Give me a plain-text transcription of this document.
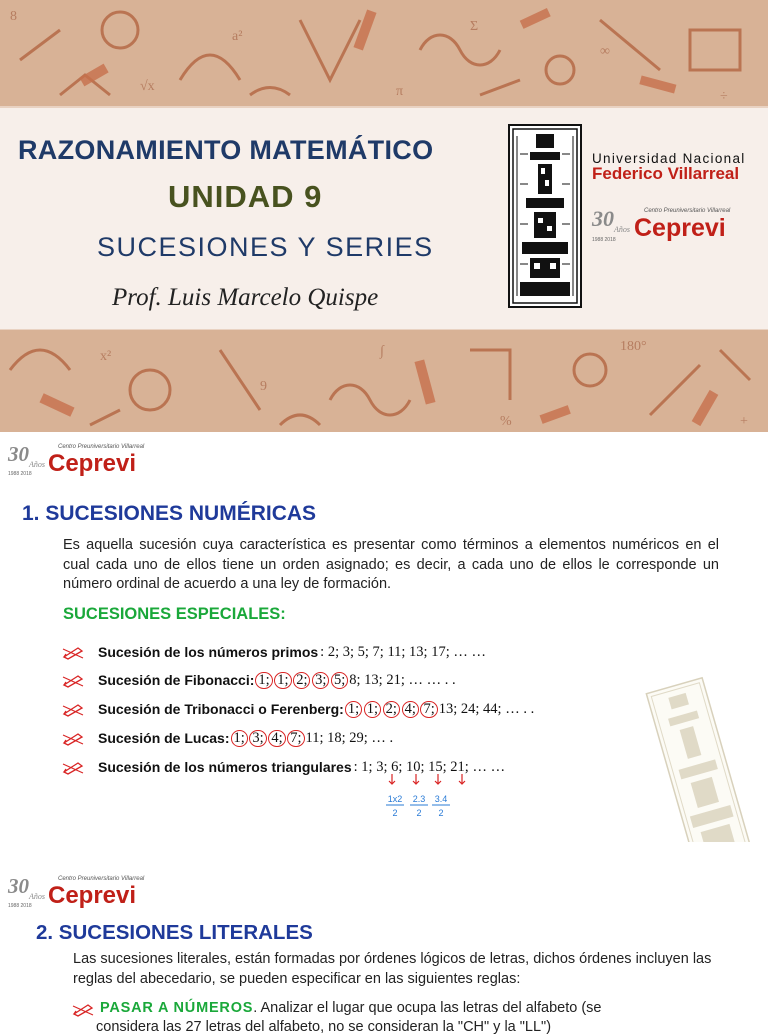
8
√x
a²
π
Σ
∞
÷
x²
9
∫
%
180°
+
RAZONAMIENTO MATEMÁTICO
UNIDAD 9
SUCESIONES Y SERIES
Prof. Luis Marcelo Quispe
Universidad Nacional
Federico Villarreal
30 Años
1988 2018
Centro Preuniversitario Villarreal
Ceprevi
30 Años
1988 2018
Centro Preuniversitario Villarreal
Ceprevi
1. SUCESIONES NUMÉRICAS
Es aquella sucesión cuya característica es presentar como términos a elementos numéricos en el cual cada uno de ellos tiene un orden asignado; es decir, a cada uno de ellos le corresponde un número ordinal de acuerdo a una ley de formación.
SUCESIONES ESPECIALES:
Sucesión de los números primos : 2; 3; 5; 7; 11; 13; 17; … …
Sucesión de Fibonacci : 1; 1; 2; 3; 5; 8; 13; 21; … … . .
Sucesión de Tribonacci o Ferenberg : 1; 1; 2; 4; 7; 13; 24; 44; … . .
Sucesión de Lucas : 1; 3; 4; 7; 11; 18; 29; … .
Sucesión de los números triangulares : 1; 3; 6; 10; 15; 21; … …
1x2
2
2.3
2
3.4
2
30 Años
1988 2018
Centro Preuniversitario Villarreal
Ceprevi
2. SUCESIONES LITERALES
Las sucesiones literales, están formadas por órdenes lógicos de letras, dichos órdenes incluyen las reglas del abecedario, se pueden especificar en las siguientes reglas:
PASAR A NÚMEROS . Analizar el lugar que ocupa las letras del alfabeto (se
considera las 27 letras del alfabeto, no se consideran la "CH" y la "LL")
